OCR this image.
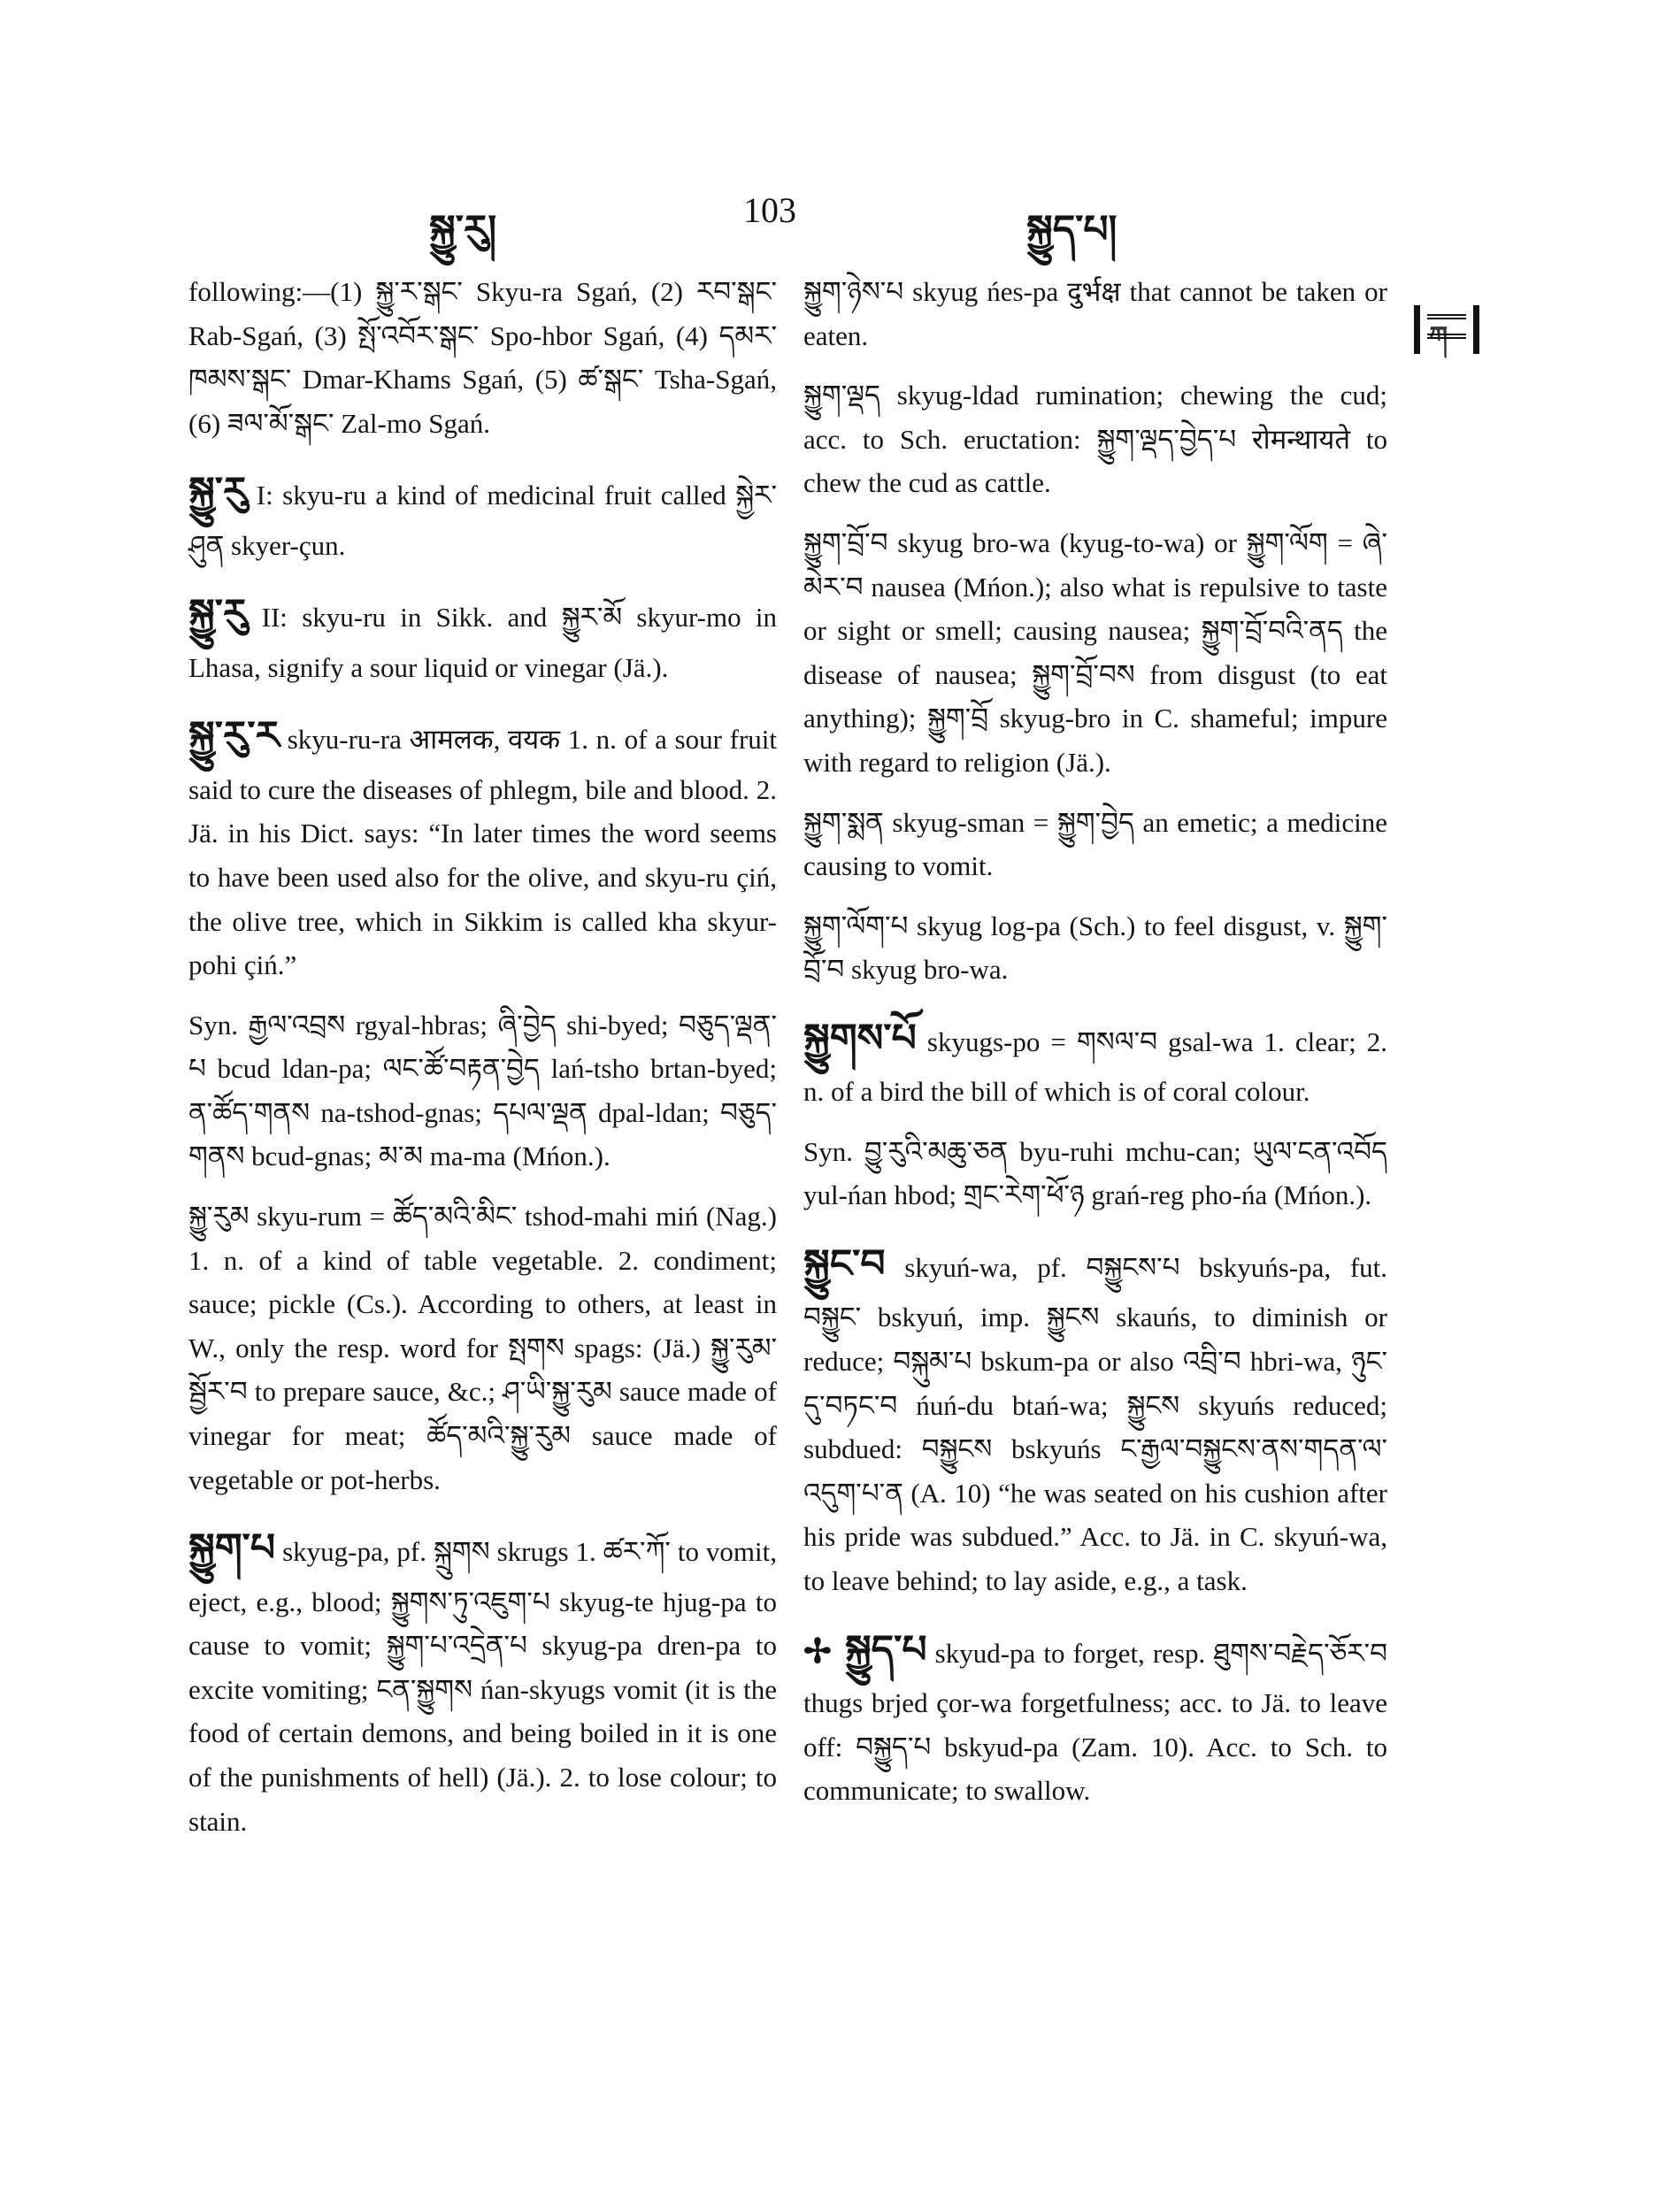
སྐྱུ་རུ།	103	སྐྱུད་པ།
ཀ

following:—(1) སྐྱུ་ར་སྒང་ Skyu-ra Sgań, (2) རབ་སྒང་ Rab-Sgań, (3) སྤོ་འབོར་སྒང་ Spo-hbor Sgań, (4) དམར་ཁམས་སྒང་ Dmar-Khams Sgań, (5) ཚ་སྒང་ Tsha-Sgań, (6) ཟལ་མོ་སྒང་ Zal-mo Sgań.

སྐྱུ་རུ I: skyu-ru a kind of medicinal fruit called སྐྱེར་ཤུན skyer-çun.
སྐྱུ་རུ II: skyu-ru in Sikk. and སྐྱུར་མོ skyur-mo in Lhasa, signify a sour liquid or vinegar (Jä.).
སྐྱུ་རུ་ར skyu-ru-ra आमलक, वयक 1. n. of a sour fruit said to cure the diseases of phlegm, bile and blood. 2. Jä. in his Dict. says: “In later times the word seems to have been used also for the olive, and skyu-ru çiń, the olive tree, which in Sikkim is called kha skyur-pohi çiń.”

Syn. རྒྱལ་འབྲས rgyal-hbras; ཞི་བྱེད shi-byed; བཅུད་ལྡན་པ bcud ldan-pa; ལང་ཚོ་བརྟན་བྱེད lań-tsho brtan-byed; ན་ཚོད་གནས na-tshod-gnas; དཔལ་ལྡན dpal-ldan; བཅུད་གནས bcud-gnas; མ་མ ma-ma (Mńon.).

སྐྱུ་རུམ skyu-rum = ཚོད་མའི་མིང་ tshod-mahi miń (Nag.) 1. n. of a kind of table vegetable. 2. condiment; sauce; pickle (Cs.). According to others, at least in W., only the resp. word for སྤགས spags: (Jä.) སྐྱུ་རུམ་སྦྱོར་བ to prepare sauce, &c.; ཤ་ཡི་སྐྱུ་རུམ sauce made of vinegar for meat; ཚོད་མའི་སྐྱུ་རུམ sauce made of vegetable or pot-herbs.

སྐྱུག་པ skyug-pa, pf. སྐྲུགས skrugs 1. ཚར་ཀོ་ to vomit, eject, e.g., blood; སྐྱུགས་ཏུ་འཇུག་པ skyug-te hjug-pa to cause to vomit; སྐྱུག་པ་འདྲེན་པ skyug-pa dren-pa to excite vomiting; ངན་སྐྱུགས ńan-skyugs vomit (it is the food of certain demons, and being boiled in it is one of the punishments of hell) (Jä.). 2. to lose colour; to stain.

སྐྱུག་ཉེས་པ skyug ńes-pa दुर्भक्ष that cannot be taken or eaten.

སྐྱུག་ལྡད skyug-ldad rumination; chewing the cud; acc. to Sch. eructation: སྐྱུག་ལྡད་བྱེད་པ रोमन्थायते to chew the cud as cattle.

སྐྱུག་བྲོ་བ skyug bro-wa (kyug-to-wa) or སྐྱུག་ལོག = ཞེ་མེར་བ nausea (Mńon.); also what is repulsive to taste or sight or smell; causing nausea; སྐྱུག་བྲོ་བའི་ནད the disease of nausea; སྐྱུག་བྲོ་བས from disgust (to eat anything); སྐྱུག་བྲོ skyug-bro in C. shameful; impure with regard to religion (Jä.).

སྐྱུག་སྨན skyug-sman = སྐྱུག་བྱེད an emetic; a medicine causing to vomit.

སྐྱུག་ལོག་པ skyug log-pa (Sch.) to feel disgust, v. སྐྱུག་བྲོ་བ skyug bro-wa.

སྐྱུགས་པོ skyugs-po = གསལ་བ gsal-wa 1. clear; 2. n. of a bird the bill of which is of coral colour.

Syn. བྱུ་རུའི་མཆུ་ཅན byu-ruhi mchu-can; ཡུལ་ངན་འབོད yul-ńan hbod; གྲང་རེག་ཕོ་ཉ grań-reg pho-ńa (Mńon.).

སྐྱུང་བ skyuń-wa, pf. བསྐྱུངས་པ bskyuńs-pa, fut. བསྐྱུང་ bskyuń, imp. སྐྱུངས skauńs, to diminish or reduce; བསྐུམ་པ bskum-pa or also འབྲི་བ hbri-wa, ཉུང་དུ་བཏང་བ ńuń-du btań-wa; སྐྱུངས skyuńs reduced; subdued: བསྐྱུངས bskyuńs ང་རྒྱལ་བསྐྱུངས་ནས་གདན་ལ་འདུག་པ་ན (A. 10) “he was seated on his cushion after his pride was subdued.” Acc. to Jä. in C. skyuń-wa, to leave behind; to lay aside, e.g., a task.
✢ སྐྱུད་པ skyud-pa to forget, resp. ཐུགས་བརྗེད་ཅོར་བ thugs brjed çor-wa forgetfulness; acc. to Jä. to leave off: བསྐྱུད་པ bskyud-pa (Zam. 10). Acc. to Sch. to communicate; to swallow.
